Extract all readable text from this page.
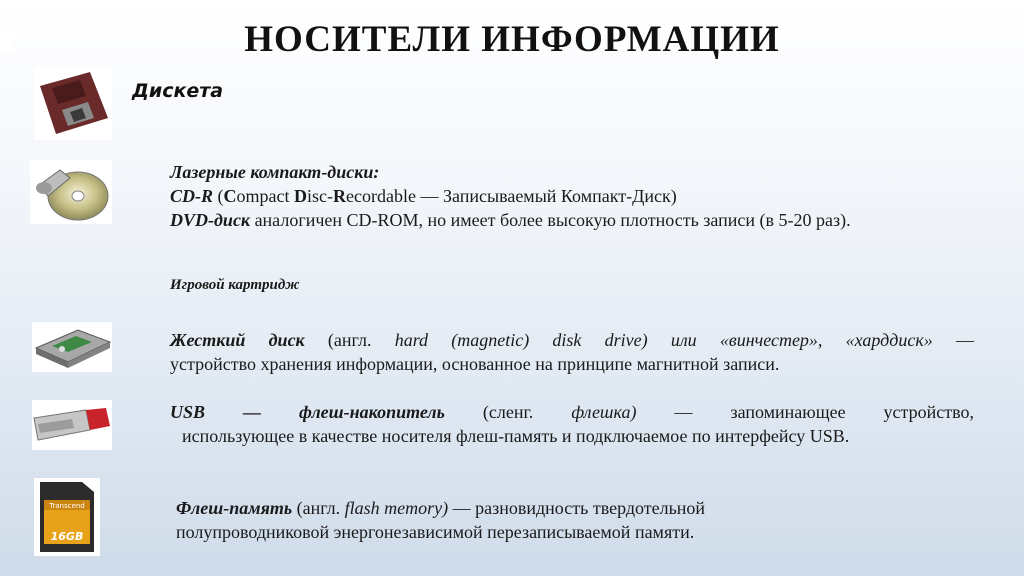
НОСИТЕЛИ ИНФОРМАЦИИ
Дискета
Лазерные компакт-диски:
CD-R (Compact Disc-Recordable — Записываемый Компакт-Диск)
DVD-диск аналогичен CD-ROM, но имеет более высокую плотность записи (в 5-20 раз).
Игровой картридж
Жесткий диск (англ. hard (magnetic) disk drive) или «винчестер», «харддиск» —
устройство хранения информации, основанное на принципе магнитной записи.
USB — флеш-накопитель (сленг. флешка) — запоминающее устройство,
использующее в качестве носителя флеш-память и подключаемое по интерфейсу USB.
Transcend
16GB
Флеш-память (англ. flash memory) — разновидность твердотельной
полупроводниковой энергонезависимой перезаписываемой памяти.
